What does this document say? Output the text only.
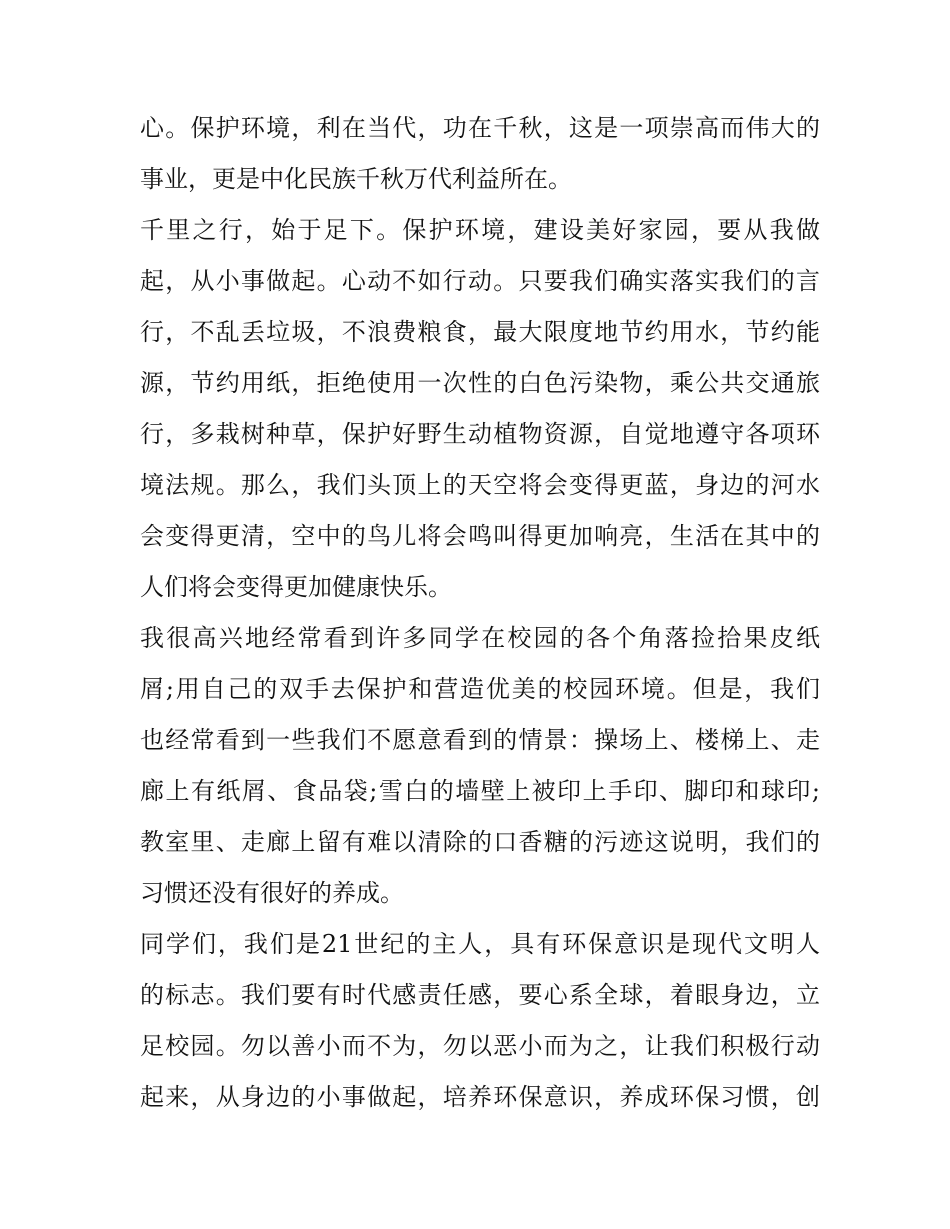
心。保护环境，利在当代，功在千秋，这是一项崇高而伟大的
事业，更是中化民族千秋万代利益所在。
千里之行，始于足下。保护环境，建设美好家园，要从我做
起，从小事做起。心动不如行动。只要我们确实落实我们的言
行，不乱丢垃圾，不浪费粮食，最大限度地节约用水，节约能
源，节约用纸，拒绝使用一次性的白色污染物，乘公共交通旅
行，多栽树种草，保护好野生动植物资源，自觉地遵守各项环
境法规。那么，我们头顶上的天空将会变得更蓝，身边的河水
会变得更清，空中的鸟儿将会鸣叫得更加响亮，生活在其中的
人们将会变得更加健康快乐。
我很高兴地经常看到许多同学在校园的各个角落捡拾果皮纸
屑;用自己的双手去保护和营造优美的校园环境。但是，我们
也经常看到一些我们不愿意看到的情景：操场上、楼梯上、走
廊上有纸屑、食品袋;雪白的墙壁上被印上手印、脚印和球印;
教室里、走廊上留有难以清除的口香糖的污迹这说明，我们的
习惯还没有很好的养成。
同学们，我们是21世纪的主人，具有环保意识是现代文明人
的标志。我们要有时代感责任感，要心系全球，着眼身边，立
足校园。勿以善小而不为，勿以恶小而为之，让我们积极行动
起来，从身边的小事做起，培养环保意识，养成环保习惯，创
